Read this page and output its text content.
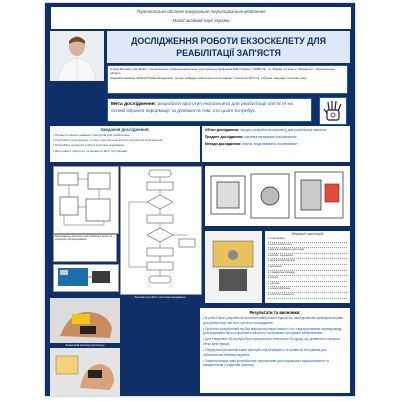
Тернопільське обласне комунальне територіальне відділення
Малої академії наук України
ДОСЛІДЖЕННЯ РОБОТИ ЕКЗОСКЕЛЕТУ ДЛЯ
РЕАБІЛІТАЦІЇ ЗАП'ЯСТЯ

Сопіль Михайло Сергійович, Тернопільське обласне комунальне територіальне відділення МАН України, ТНЗВР №... м. Збараж, 11 клас м. Збараж вул. Тернопільська область

Науковий керівник: Забатий Роман Богданович, доцент кафедри комп'ютерно-інтегрованих технологій ТНТУ ім. І. Пулюя, кандидат технічних наук

Мета дослідження: розробити прототип екзоскелета для реабілітації зап'ястя на основі зібраної інформації та допомогти тим, хто цього потребує.
Завдання дослідження:
▪ Провести аналіз наявних пристроїв для реабілітації.
▪ Розробити конструкцію і схему електричних вузлів та робочих компонентів.
▪ Розробити алгоритм роботи системи керування.
▪ Виготовити прототип та провести його тестування.

Об'єкт дослідження: процес розробки екзоскелету для реабілітації зап'ястя

Предмет дослідження: система керування екзоскелетом

Методи дослідження: аналіз, моделювання, експеримент

Алгоритм роботи системи керування
Моделювання екзоскелета для реабілітації зап'ястя в середовищі 3D-моделювання
Зібраний пристрій:
▸ сервопривід
▸ плата Arduino Uno
▸ модуль керування двигунами
▸ кнопки і перемикачі
▸ акумуляторні батареї
▸ кріплення
▸ з'єднувальні проводи
▸ корпус
▸ датчики
▸ ремені кріплення
▸ еластичні елементи
Зовнішній вигляд прототипу
Результати та висновки:

▪ В роботі було розроблено прототип майбутнього пристрою, який дозволяє проводити вправи для реабілітації зап'ястя при його пошкодженні.

▪ Прототип розроблений на базі мікроконтролера Arduino Uno з використанням сервоприводу. Для керування було розроблено алгоритм та написано програмне забезпечення.

▪ Для створення 3D-корпусу було використано технологію 3D-друку, що дозволило створити легку конструкцію.

▪ Перед використанням такий пристрій слід перевірити та провести тестування для забезпечення безпеки пацієнта.

▪ Запропонована нова розробка має перспективи для подальшого вдосконалення та використання у медичній практиці.
